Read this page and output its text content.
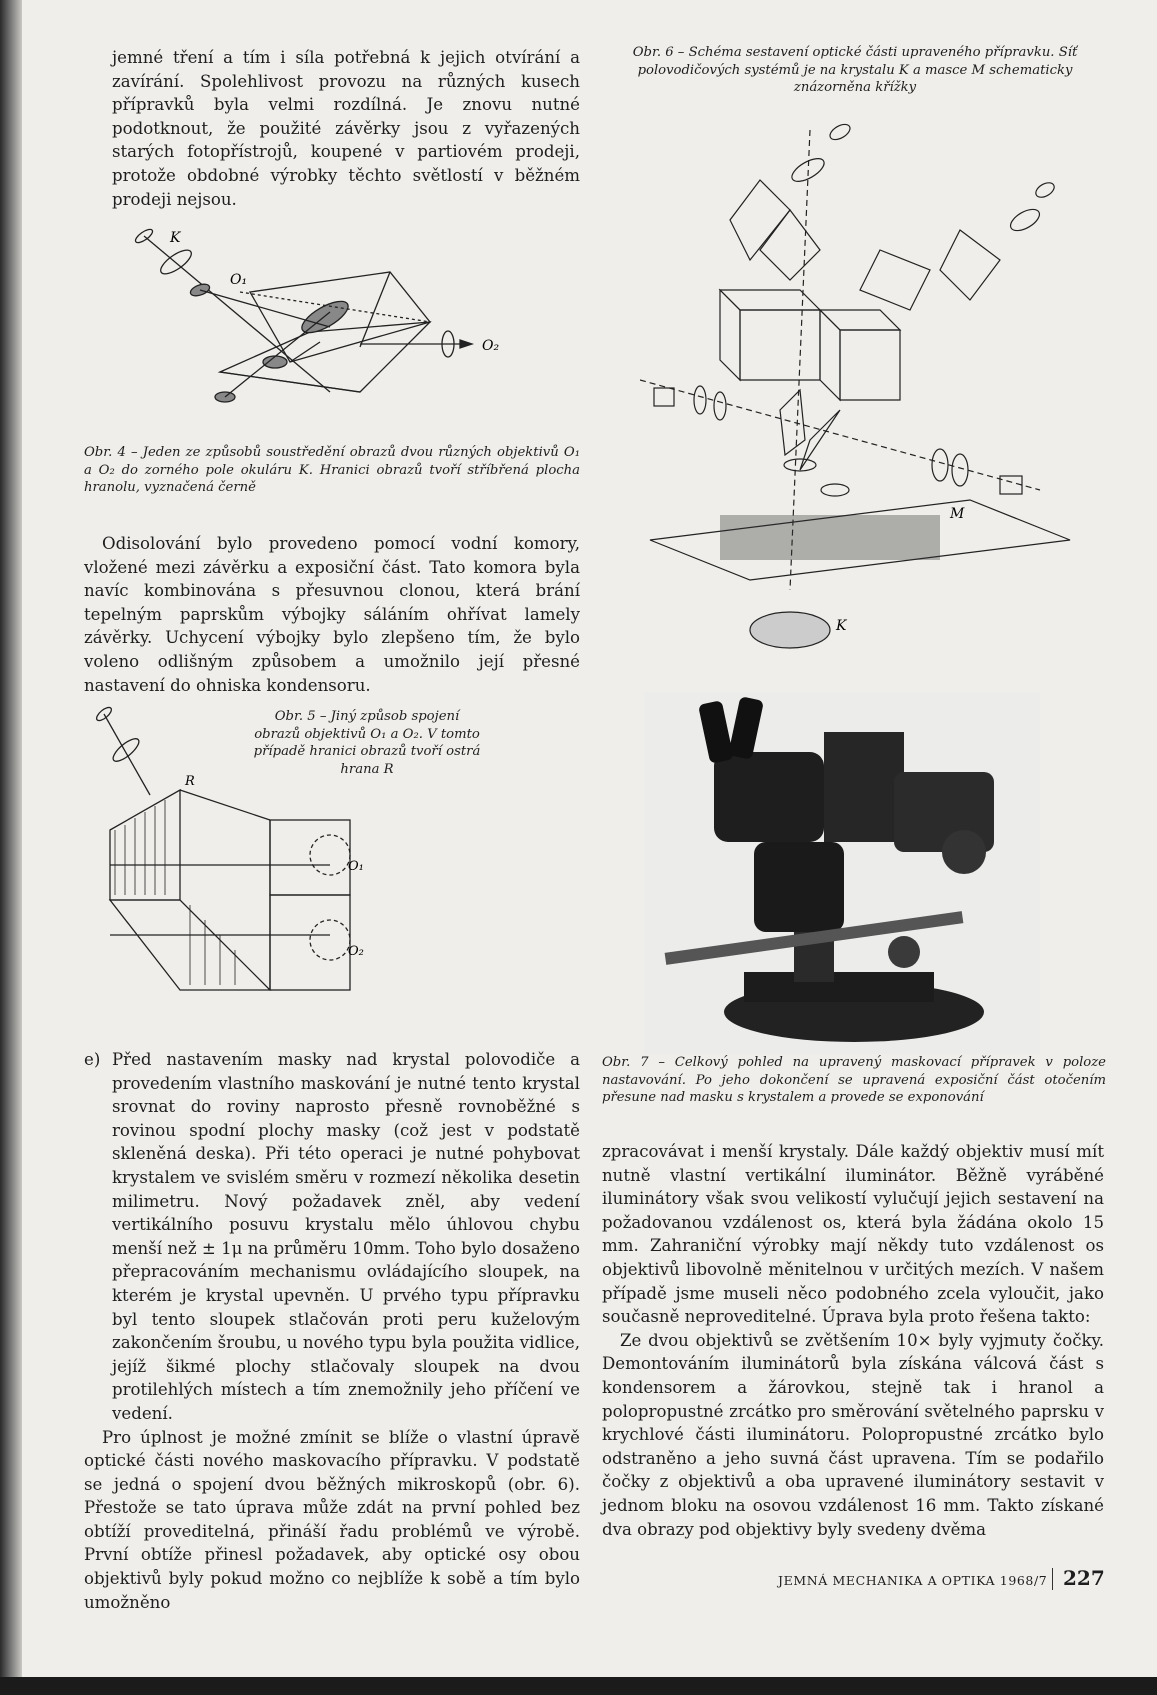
jemné tření a tím i síla potřebná k jejich otvírání a zavírání. Spolehlivost provozu na různých kusech přípravků byla velmi rozdílná. Je znovu nutné podotknout, že použité závěrky jsou z vyřazených starých fotopřístrojů, koupené v partiovém prodeji, protože obdobné výrobky těchto světlostí v běžném prodeji nejsou.

K
O₁
O₂
Obr. 4 – Jeden ze způsobů soustředění obrazů dvou různých objektivů O₁ a O₂ do zorného pole okuláru K. Hranici obrazů tvoří stříbřená plocha hranolu, vyznačená černě

Odisolování bylo provedeno pomocí vodní komory, vložené mezi závěrku a exposiční část. Tato komora byla navíc kombinována s přesuvnou clonou, která brání tepelným paprskům výbojky sáláním ohřívat lamely závěrky. Uchycení výbojky bylo zlepšeno tím, že bylo voleno odlišným způsobem a umožnilo její přesné nastavení do ohniska kondensoru.

R
O₁
O₂
Obr. 5 – Jiný způsob spojení obrazů objektivů O₁ a O₂. V tomto případě hranici obrazů tvoří ostrá hrana R
e) Před nastavením masky nad krystal polovodiče a provedením vlastního maskování je nutné tento krystal srovnat do roviny naprosto přesně rovnoběžné s rovinou spodní plochy masky (což jest v podstatě skleněná deska). Při této operaci je nutné pohybovat krystalem ve svislém směru v rozmezí několika desetin milimetru. Nový požadavek zněl, aby vedení vertikálního posuvu krystalu mělo úhlovou chybu menší než ± 1μ na průměru 10mm. Toho bylo dosaženo přepracováním mechanismu ovládajícího sloupek, na kterém je krystal upevněn. U prvého typu přípravku byl tento sloupek stlačován proti peru kuželovým zakončením šroubu, u nového typu byla použita vidlice, jejíž šikmé plochy stlačovaly sloupek na dvou protilehlých místech a tím znemožnily jeho příčení ve vedení.

Pro úplnost je možné zmínit se blíže o vlastní úpravě optické části nového maskovacího přípravku. V podstatě se jedná o spojení dvou běžných mikroskopů (obr. 6). Přestože se tato úprava může zdát na první pohled bez obtíží proveditelná, přináší řadu problémů ve výrobě. První obtíže přinesl požadavek, aby optické osy obou objektivů byly pokud možno co nejblíže k sobě a tím bylo umožněno

Obr. 6 – Schéma sestavení optické části upraveného přípravku. Síť polovodičových systémů je na krystalu K a masce M schematicky znázorněna křížky
M
K
Obr. 7 – Celkový pohled na upravený maskovací přípravek v poloze nastavování. Po jeho dokončení se upravená exposiční část otočením přesune nad masku s krystalem a provede se exponování

zpracovávat i menší krystaly. Dále každý objektiv musí mít nutně vlastní vertikální iluminátor. Běžně vyráběné iluminátory však svou velikostí vylučují jejich sestavení na požadovanou vzdálenost os, která byla žádána okolo 15 mm. Zahraniční výrobky mají někdy tuto vzdálenost os objektivů libovolně měnitelnou v určitých mezích. V našem případě jsme museli něco podobného zcela vyloučit, jako současně neproveditelné. Úprava byla proto řešena takto:

Ze dvou objektivů se zvětšením 10× byly vyjmuty čočky. Demontováním iluminátorů byla získána válcová část s kondensorem a žárovkou, stejně tak i hranol a polopropustné zrcátko pro směrování světelného paprsku v krychlové části iluminátoru. Polopropustné zrcátko bylo odstraněno a jeho suvná část upravena. Tím se podařilo čočky z objektivů a oba upravené iluminátory sestavit v jednom bloku na osovou vzdálenost 16 mm. Takto získané dva obrazy pod objektivy byly svedeny dvěma

JEMNÁ MECHANIKA A OPTIKA 1968/7 227
